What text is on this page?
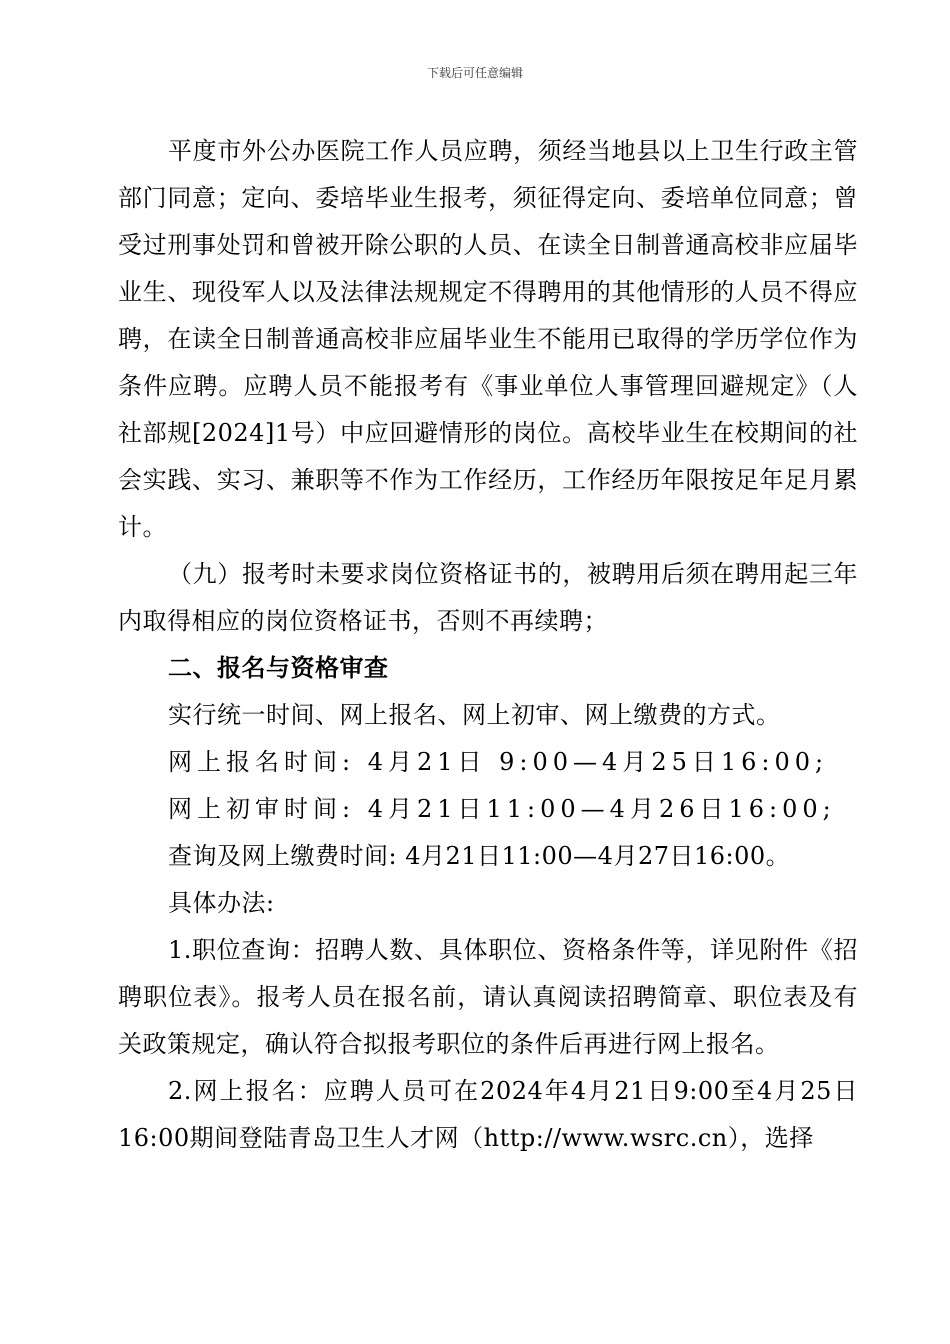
下载后可任意编辑

平度市外公办医院工作人员应聘，须经当地县以上卫生行政主管部门同意；定向、委培毕业生报考，须征得定向、委培单位同意；曾受过刑事处罚和曾被开除公职的人员、在读全日制普通高校非应届毕业生、现役军人以及法律法规规定不得聘用的其他情形的人员不得应聘，在读全日制普通高校非应届毕业生不能用已取得的学历学位作为条件应聘。应聘人员不能报考有《事业单位人事管理回避规定》（人社部规[2024]1号）中应回避情形的岗位。高校毕业生在校期间的社会实践、实习、兼职等不作为工作经历，工作经历年限按足年足月累计。

（九）报考时未要求岗位资格证书的，被聘用后须在聘用起三年内取得相应的岗位资格证书，否则不再续聘；

二、报名与资格审查

实行统一时间、网上报名、网上初审、网上缴费的方式。

网上报名时间: 4月21日 9:00—4月25日16:00;

网上初审时间: 4月21日11:00—4月26日16:00;

查询及网上缴费时间: 4月21日11:00—4月27日16:00。

具体办法:

1.职位查询：招聘人数、具体职位、资格条件等，详见附件《招聘职位表》。报考人员在报名前，请认真阅读招聘简章、职位表及有关政策规定，确认符合拟报考职位的条件后再进行网上报名。

2.网上报名：应聘人员可在2024年4月21日9:00至4月25日16:00期间登陆青岛卫生人才网（http://www.wsrc.cn），选择
